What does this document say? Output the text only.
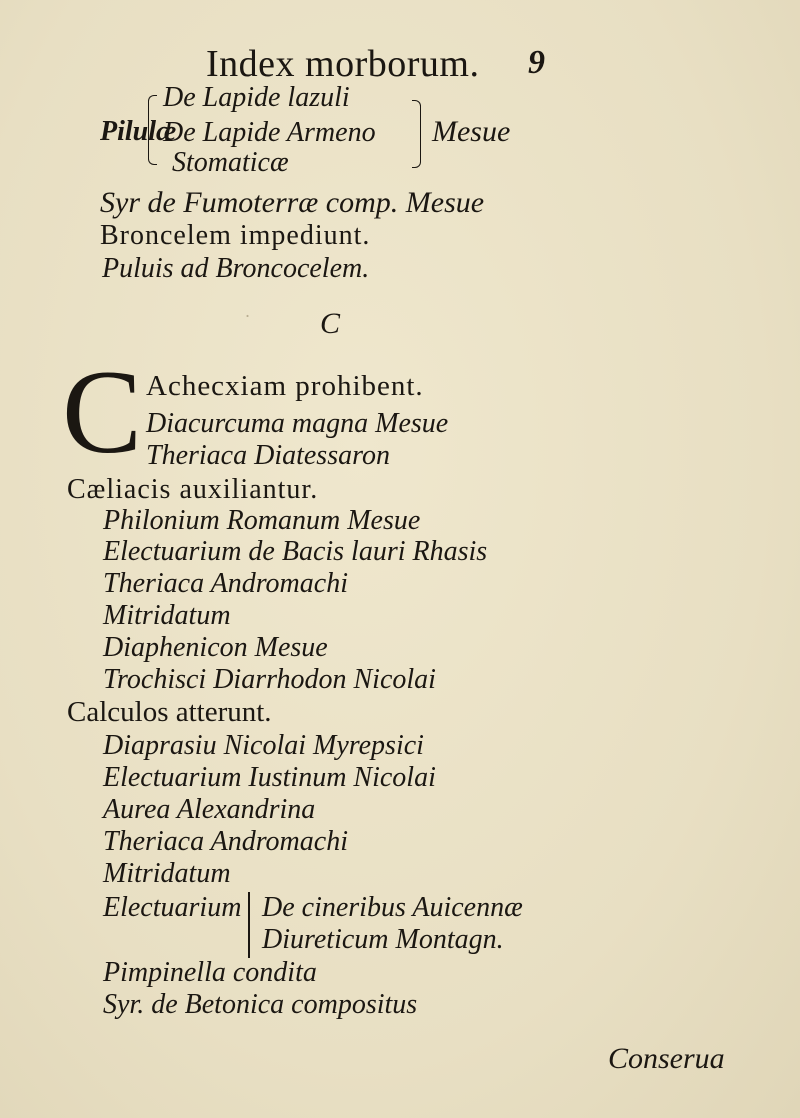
Index morborum. 9
Pilulæ
De Lapide lazuli
De Lapide Armeno
Stomaticæ
Mesue
Syr de Fumoterræ comp. Mesue
Broncelem impediunt.
Puluis ad Broncocelem.
· C
C Achecxiam prohibent.
Diacurcuma magna Mesue
Theriaca Diatessaron
Cæliacis auxiliantur.
Philonium Romanum Mesue
Electuarium de Bacis lauri Rhasis
Theriaca Andromachi
Mitridatum
Diaphenicon Mesue
Trochisci Diarrhodon Nicolai
Calculos atterunt.
Diaprasiu Nicolai Myrepsici
Electuarium Iustinum Nicolai
Aurea Alexandrina
Theriaca Andromachi
Mitridatum
Electuarium De cineribus Auicennæ
Diureticum Montagn.
Pimpinella condita
Syr. de Betonica compositus
Conserua
